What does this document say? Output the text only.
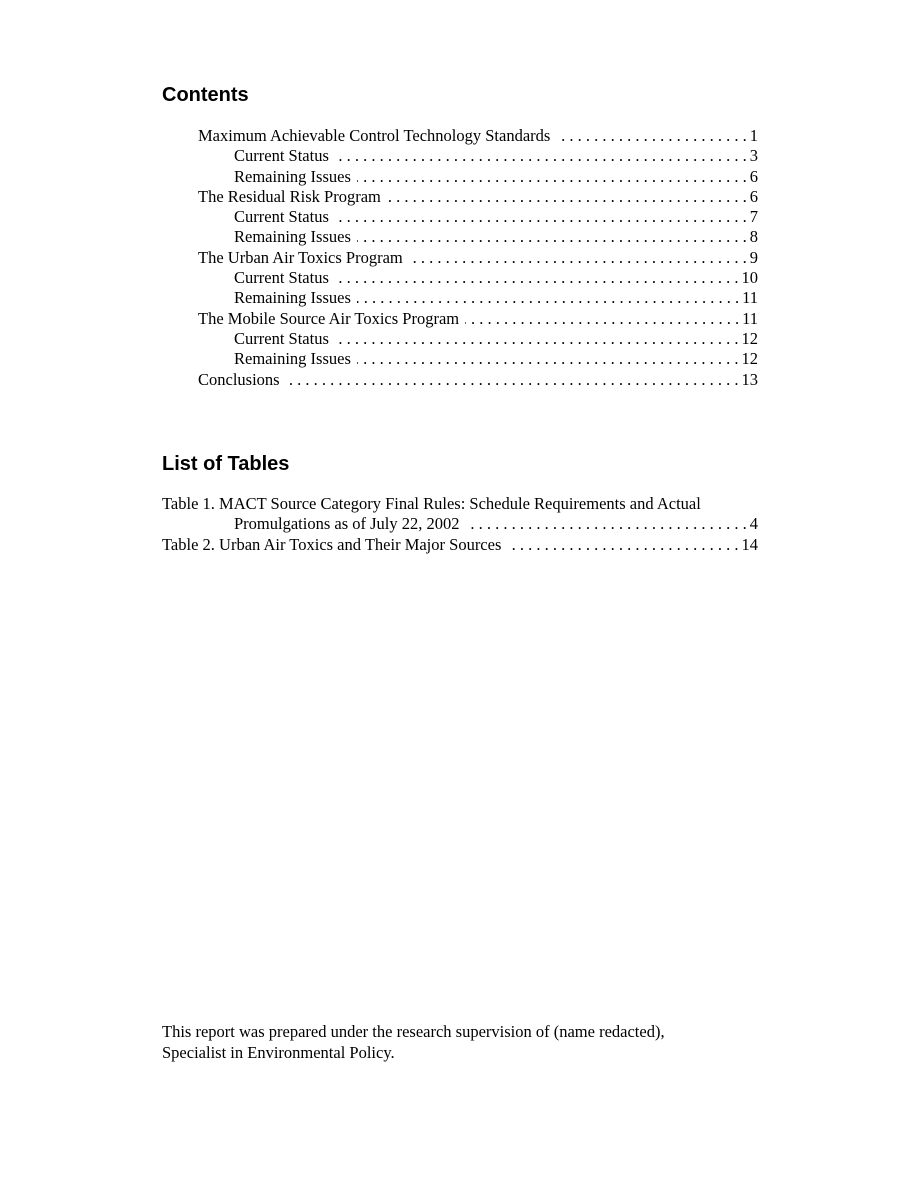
Contents
Maximum Achievable Control Technology Standards . . .	1
Current Status . . .	3
Remaining Issues . . .	6
The Residual Risk Program . . .	6
Current Status . . .	7
Remaining Issues . . .	8
The Urban Air Toxics Program . . .	9
Current Status . . .	10
Remaining Issues . . .	11
The Mobile Source Air Toxics Program . . .	11
Current Status . . .	12
Remaining Issues . . .	12
Conclusions . . .	13
List of Tables
Table 1. MACT Source Category Final Rules: Schedule Requirements and Actual
Promulgations as of July 22, 2002 . . .	4
Table 2. Urban Air Toxics and Their Major Sources . . .	14
This report was prepared under the research supervision of (name redacted),
Specialist in Environmental Policy.
